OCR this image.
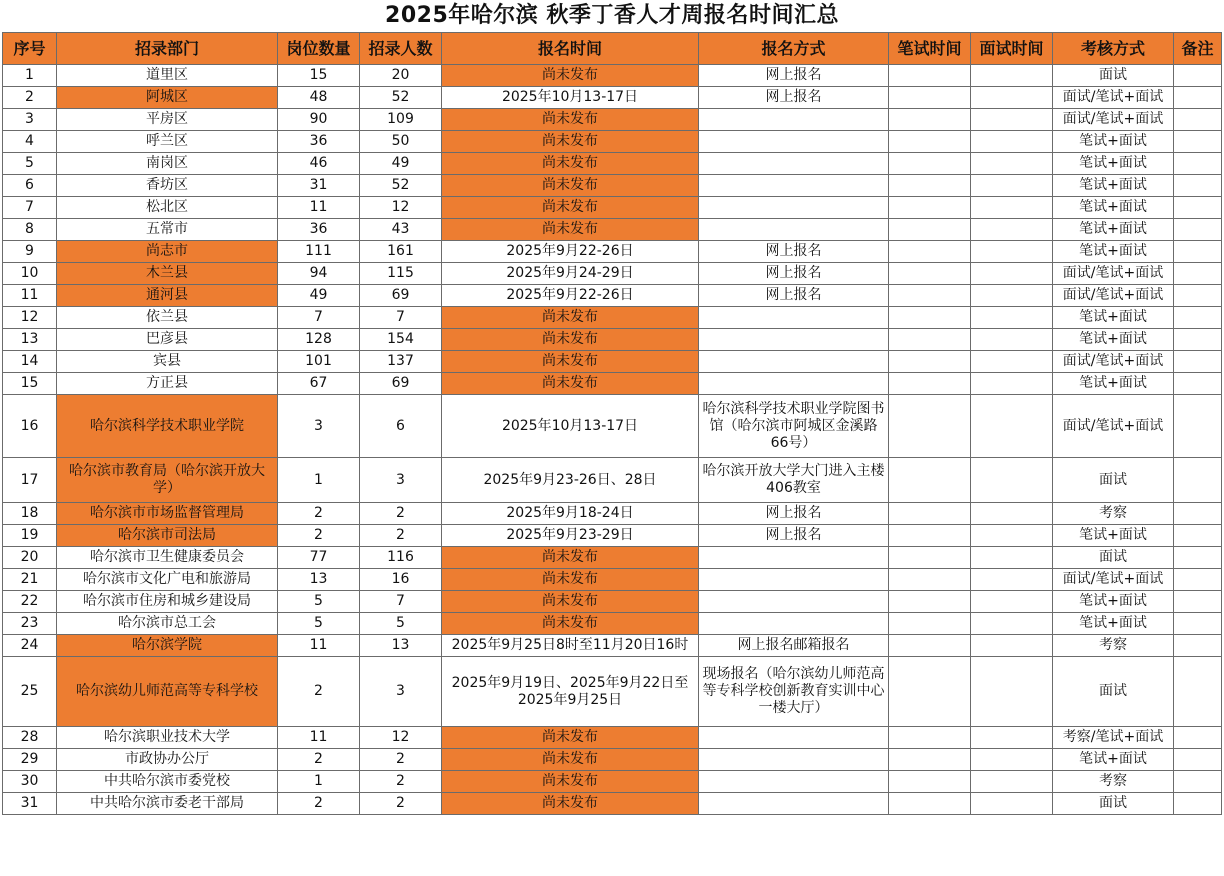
2025年哈尔滨 秋季丁香人才周报名时间汇总
序号	招录部门	岗位数量	招录人数	报名时间	报名方式	笔试时间	面试时间	考核方式	备注
1	道里区	15	20	尚未发布	网上报名			面试	
2	阿城区	48	52	2025年10月13-17日	网上报名			面试/笔试+面试	
3	平房区	90	109	尚未发布				面试/笔试+面试	
4	呼兰区	36	50	尚未发布				笔试+面试	
5	南岗区	46	49	尚未发布				笔试+面试	
6	香坊区	31	52	尚未发布				笔试+面试	
7	松北区	11	12	尚未发布				笔试+面试	
8	五常市	36	43	尚未发布				笔试+面试	
9	尚志市	111	161	2025年9月22-26日	网上报名			笔试+面试	
10	木兰县	94	115	2025年9月24-29日	网上报名			面试/笔试+面试	
11	通河县	49	69	2025年9月22-26日	网上报名			面试/笔试+面试	
12	依兰县	7	7	尚未发布				笔试+面试	
13	巴彦县	128	154	尚未发布				笔试+面试	
14	宾县	101	137	尚未发布				面试/笔试+面试	
15	方正县	67	69	尚未发布				笔试+面试	
16	哈尔滨科学技术职业学院	3	6	2025年10月13-17日	哈尔滨科学技术职业学院图书馆（哈尔滨市阿城区金溪路66号）			面试/笔试+面试	
17	哈尔滨市教育局（哈尔滨开放大学）	1	3	2025年9月23-26日、28日	哈尔滨开放大学大门进入主楼406教室			面试	
18	哈尔滨市市场监督管理局	2	2	2025年9月18-24日	网上报名			考察	
19	哈尔滨市司法局	2	2	2025年9月23-29日	网上报名			笔试+面试	
20	哈尔滨市卫生健康委员会	77	116	尚未发布				面试	
21	哈尔滨市文化广电和旅游局	13	16	尚未发布				面试/笔试+面试	
22	哈尔滨市住房和城乡建设局	5	7	尚未发布				笔试+面试	
23	哈尔滨市总工会	5	5	尚未发布				笔试+面试	
24	哈尔滨学院	11	13	2025年9月25日8时至11月20日16时	网上报名邮箱报名			考察	
25	哈尔滨幼儿师范高等专科学校	2	3	2025年9月19日、2025年9月22日至2025年9月25日	现场报名（哈尔滨幼儿师范高等专科学校创新教育实训中心一楼大厅）			面试	
28	哈尔滨职业技术大学	11	12	尚未发布				考察/笔试+面试	
29	市政协办公厅	2	2	尚未发布				笔试+面试	
30	中共哈尔滨市委党校	1	2	尚未发布				考察	
31	中共哈尔滨市委老干部局	2	2	尚未发布				面试	
